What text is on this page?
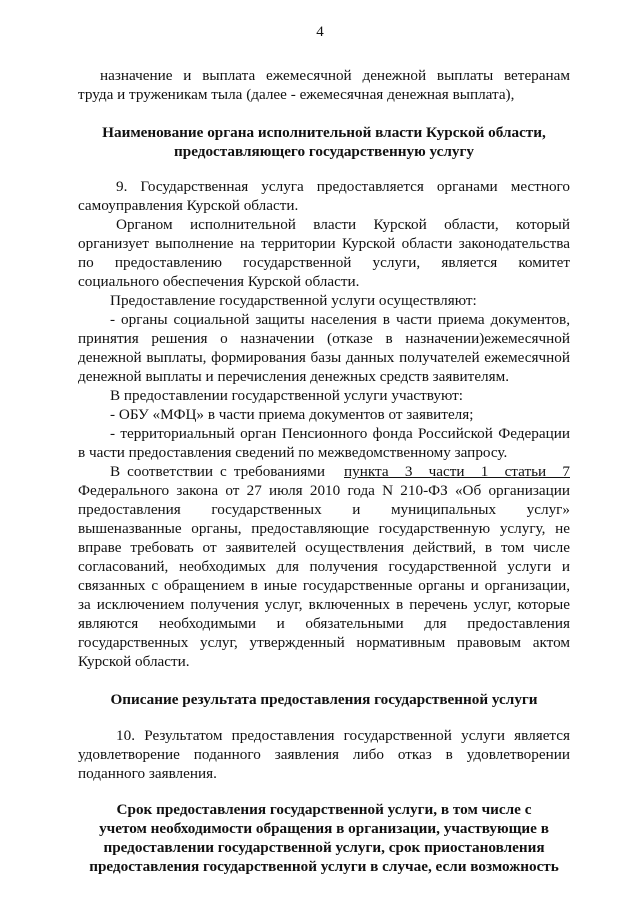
4
назначение и выплата ежемесячной денежной выплаты ветеранам
труда и труженикам тыла (далее - ежемесячная денежная выплата),
Наименование органа исполнительной власти Курской области,
предоставляющего государственную услугу
9. Государственная услуга предоставляется органами местного
самоуправления Курской области.
Органом исполнительной власти Курской области, который
организует выполнение на территории Курской области законодательства
по предоставлению государственной услуги, является комитет
социального обеспечения Курской области.
Предоставление государственной услуги осуществляют:
- органы социальной защиты населения в части приема документов,
принятия решения о назначении (отказе в назначении)ежемесячной
денежной выплаты, формирования базы данных получателей ежемесячной
денежной выплаты и перечисления денежных средств заявителям.
В предоставлении государственной услуги участвуют:
- ОБУ «МФЦ» в части приема документов от заявителя;
- территориальный орган Пенсионного фонда Российской Федерации
в части предоставления сведений по межведомственному запросу.
В соответствии с требованиями пункта 3 части 1 статьи 7
Федерального закона от 27 июля 2010 года N 210-ФЗ «Об организации
предоставления государственных и муниципальных услуг»
вышеназванные органы, предоставляющие государственную услугу, не
вправе требовать от заявителей осуществления действий, в том числе
согласований, необходимых для получения государственной услуги и
связанных с обращением в иные государственные органы и организации,
за исключением получения услуг, включенных в перечень услуг, которые
являются необходимыми и обязательными для предоставления
государственных услуг, утвержденный нормативным правовым актом
Курской области.
Описание результата предоставления государственной услуги
10. Результатом предоставления государственной услуги является
удовлетворение поданного заявления либо отказ в удовлетворении
поданного заявления.
Срок предоставления государственной услуги, в том числе с
учетом необходимости обращения в организации, участвующие в
предоставлении государственной услуги, срок приостановления
предоставления государственной услуги в случае, если возможность
